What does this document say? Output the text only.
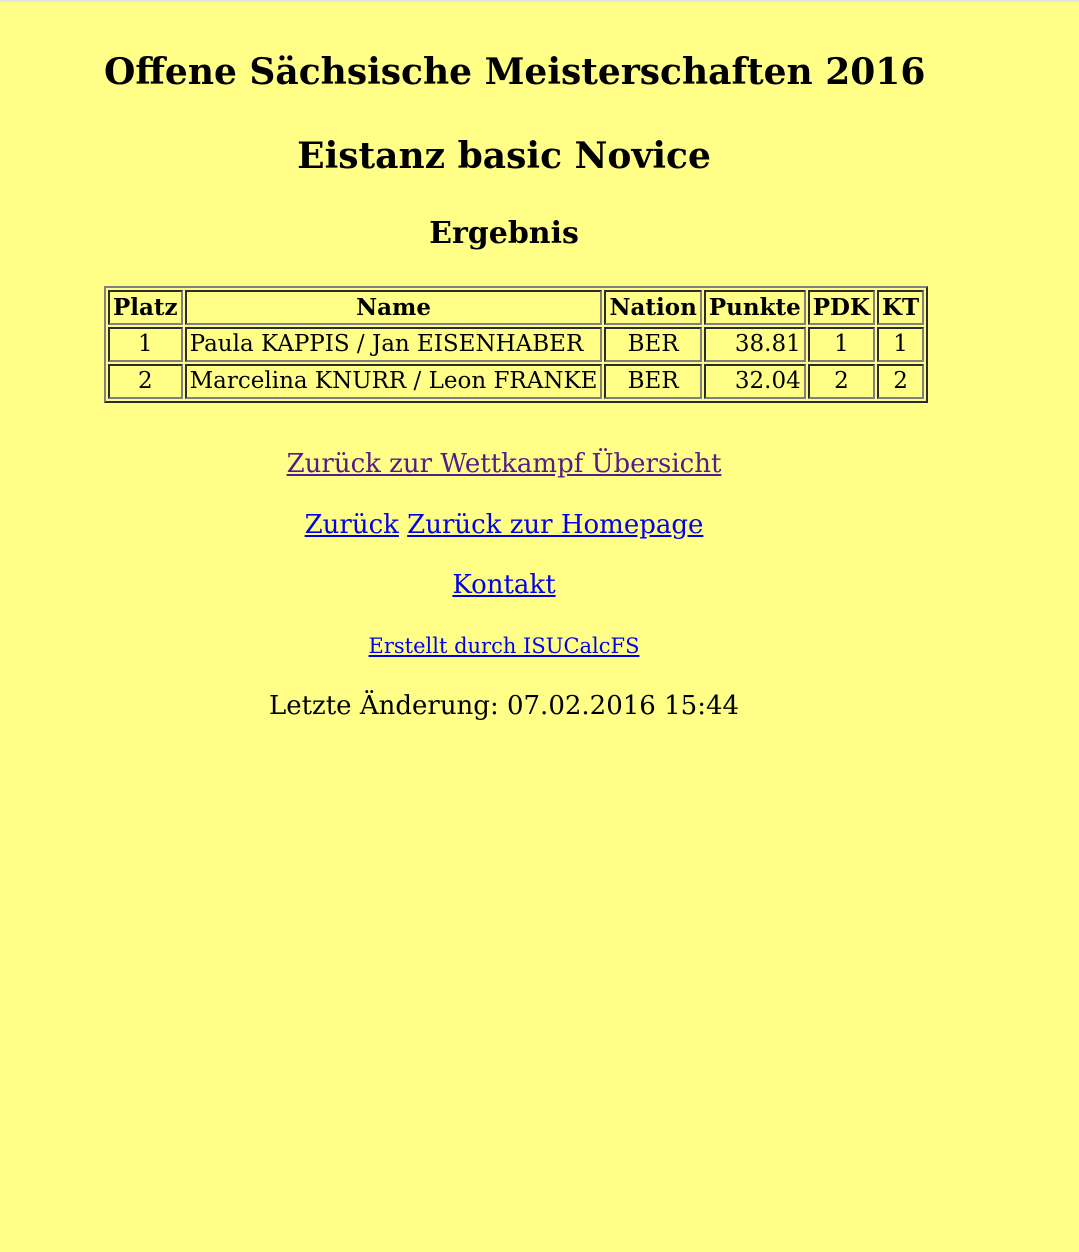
Offene Sächsische Meisterschaften 2016
Eistanz basic Novice
Ergebnis
Platz	Name	Nation	Punkte	PDK	KT
1	Paula KAPPIS / Jan EISENHABER	BER	38.81	1	1
2	Marcelina KNURR / Leon FRANKE	BER	32.04	2	2
Zurück zur Wettkampf Übersicht
Zurück Zurück zur Homepage
Kontakt
Erstellt durch ISUCalcFS
Letzte Änderung: 07.02.2016 15:44
